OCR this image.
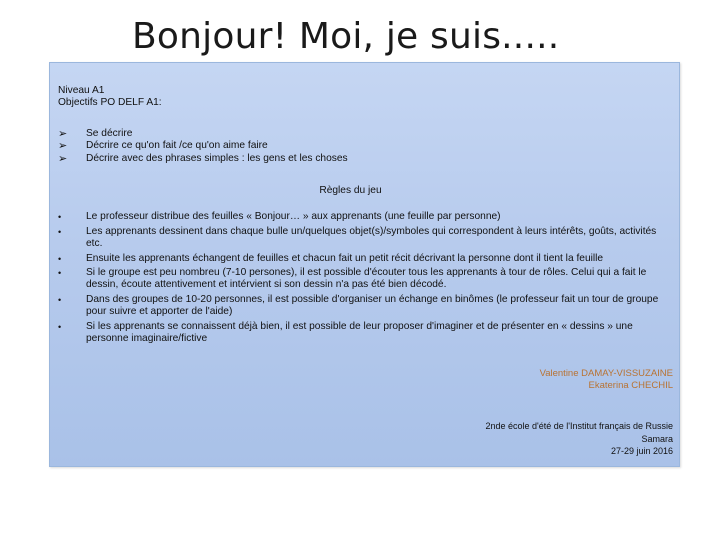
Bonjour! Moi, je suis.....
Niveau A1
Objectifs PO DELF A1:
➢	Se décrire
➢	Décrire ce qu'on fait /ce qu'on aime faire
➢	Décrire avec des phrases simples : les gens et les choses
Règles du jeu
•	Le professeur distribue des feuilles « Bonjour… » aux apprenants (une feuille par personne)
•	Les apprenants dessinent dans chaque bulle un/quelques objet(s)/symboles qui correspondent à leurs intérêts, goûts, activités etc.
•	Ensuite les apprenants échangent de feuilles et chacun fait un petit récit décrivant la personne dont il tient la feuille
•	Si le groupe est peu nombreu (7-10 persones), il est possible d'écouter tous les apprenants à tour de rôles. Celui qui a fait le dessin, écoute attentivement et intérvient si son dessin n'a pas été bien décodé.
•	Dans des groupes de 10-20 personnes, il est possible d'organiser un échange en binômes (le professeur fait un tour de groupe pour suivre et apporter de l'aide)
•	Si les apprenants se connaissent déjà bien, il est possible de leur proposer d'imaginer et de présenter en « dessins » une personne imaginaire/fictive
Valentine DAMAY-VISSUZAINE
Ekaterina CHECHIL
2nde école d'été de l'Institut français de Russie
Samara
27-29 juin 2016
